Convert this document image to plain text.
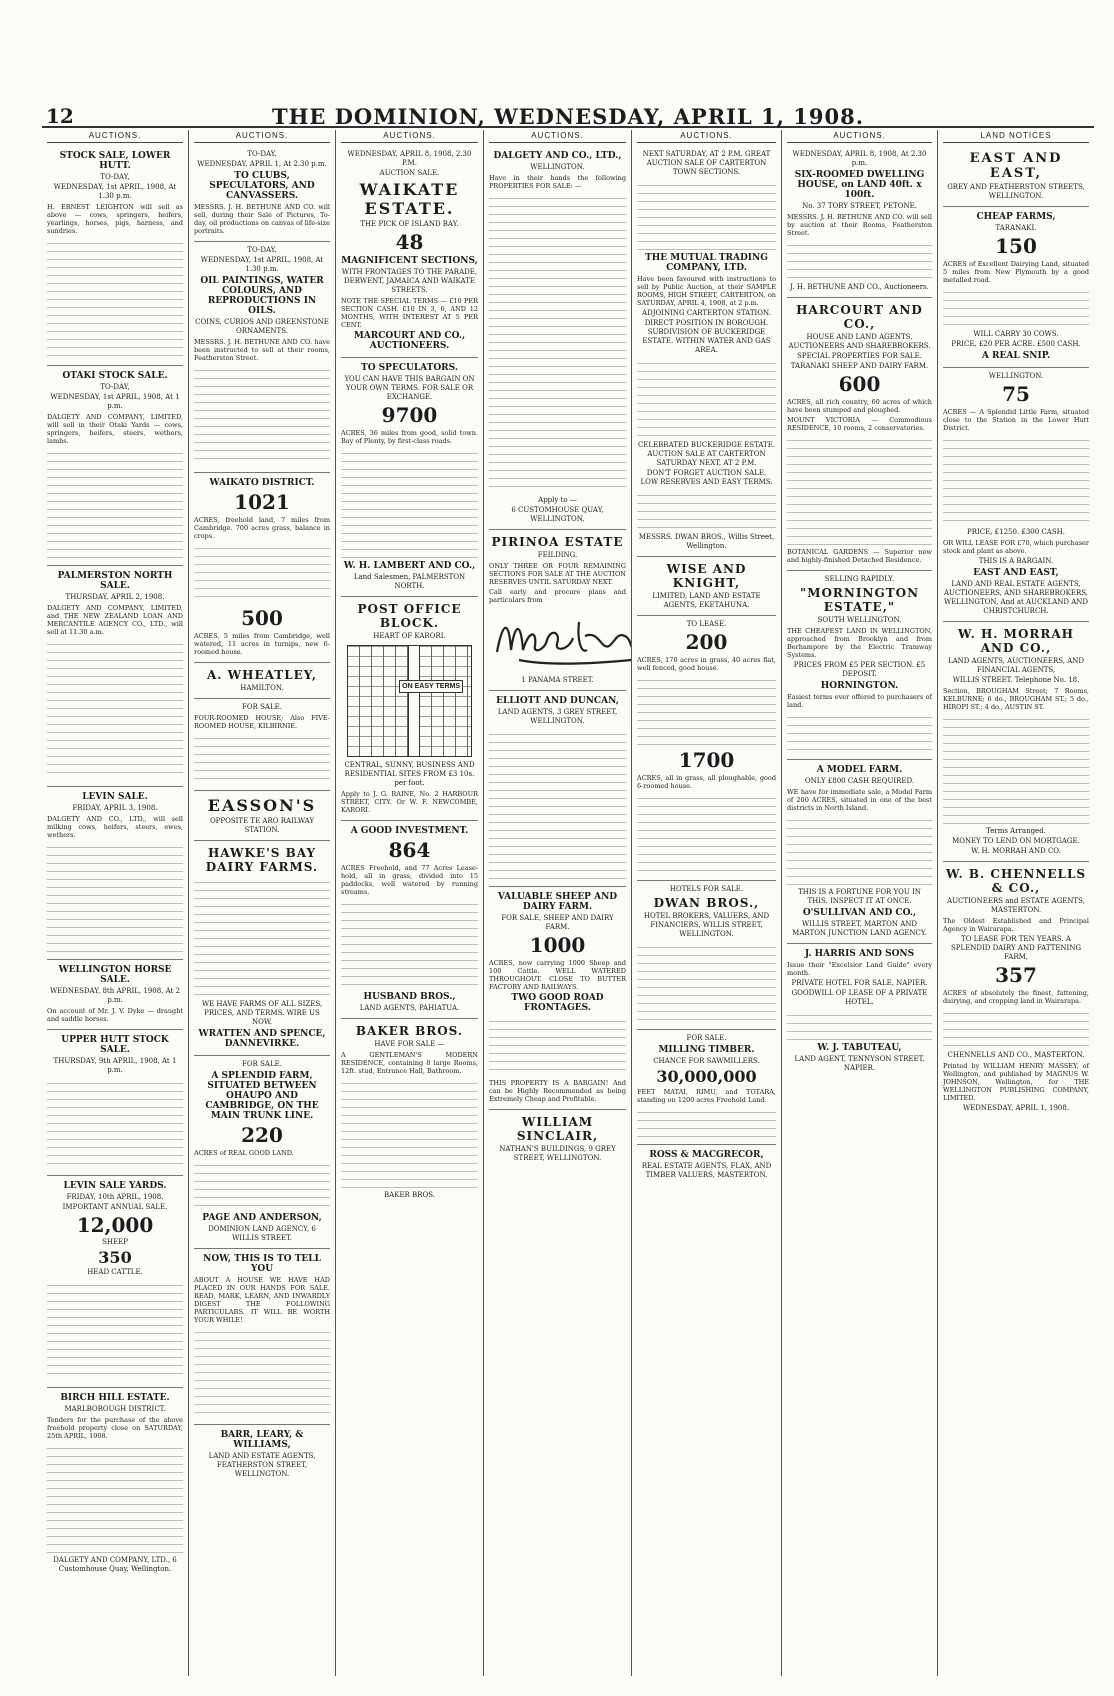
12	THE DOMINION, WEDNESDAY, APRIL 1, 1908.
AUCTIONS.
STOCK SALE, LOWER HUTT.
TO-DAY,
WEDNESDAY, 1st APRIL, 1908, At 1.30 p.m.
H. ERNEST LEIGHTON will sell as above — cows, springers, heifers, yearlings, horses, pigs, harness, and sundries.
OTAKI STOCK SALE.
TO-DAY,
WEDNESDAY, 1st APRIL, 1908, At 1 p.m.
DALGETY AND COMPANY, LIMITED, will sell in their Otaki Yards — cows, springers, heifers, steers, wethers, lambs.
PALMERSTON NORTH SALE.
THURSDAY, APRIL 2, 1908.
DALGETY AND COMPANY, LIMITED, and THE NEW ZEALAND LOAN AND MERCANTILE AGENCY CO., LTD., will sell at 11.30 a.m.
LEVIN SALE.
FRIDAY, APRIL 3, 1908.
DALGETY AND CO., LTD., will sell milking cows, heifers, steers, ewes, wethers.
WELLINGTON HORSE SALE.
WEDNESDAY, 8th APRIL, 1908, At 2 p.m.
On account of Mr. J. V. Dyke — draught and saddle horses.
UPPER HUTT STOCK SALE.
THURSDAY, 9th APRIL, 1908, At 1 p.m.
LEVIN SALE YARDS.
FRIDAY, 10th APRIL, 1908.
IMPORTANT ANNUAL SALE.
12,000
SHEEP
350
HEAD CATTLE.
BIRCH HILL ESTATE.
MARLBOROUGH DISTRICT.
Tenders for the purchase of the above freehold property close on SATURDAY, 25th APRIL, 1908.
DALGETY AND COMPANY, LTD., 6 Customhouse Quay, Wellington.
AUCTIONS.
TO-DAY,
WEDNESDAY, APRIL 1, At 2.30 p.m.
TO CLUBS, SPECULATORS, AND CANVASSERS.
MESSRS. J. H. BETHUNE AND CO. will sell, during their Sale of Pictures, To-day, oil productions on canvas of life-size portraits.
TO-DAY,
WEDNESDAY, 1st APRIL, 1908, At 1.30 p.m.
OIL PAINTINGS, WATER COLOURS, AND REPRODUCTIONS IN OILS.
COINS, CURIOS AND GREENSTONE ORNAMENTS.
MESSRS. J. H. BETHUNE AND CO. have been instructed to sell at their rooms, Featherston Street.
WAIKATO DISTRICT.
1021
ACRES, freehold land, 7 miles from Cambridge. 700 acres grass, balance in crops.
500
ACRES, 5 miles from Cambridge, well watered, 11 acres in turnips, new 6-roomed house.
A. WHEATLEY,
HAMILTON.
FOR SALE.
FOUR-ROOMED HOUSE; Also FIVE-ROOMED HOUSE, KILBIRNIE.
EASSON'S
OPPOSITE TE ARO RAILWAY STATION.
HAWKE'S BAY DAIRY FARMS.
WE HAVE FARMS OF ALL SIZES, PRICES, AND TERMS. WIRE US NOW.
WRATTEN AND SPENCE, DANNEVIRKE.
FOR SALE.
A SPLENDID FARM, SITUATED BETWEEN OHAUPO AND CAMBRIDGE, ON THE MAIN TRUNK LINE.
220
ACRES of REAL GOOD LAND.
PAGE AND ANDERSON,
DOMINION LAND AGENCY, 6 WILLIS STREET.
NOW, THIS IS TO TELL YOU
ABOUT A HOUSE WE HAVE HAD PLACED IN OUR HANDS FOR SALE. READ, MARK, LEARN, AND INWARDLY DIGEST THE FOLLOWING PARTICULARS. IT WILL BE WORTH YOUR WHILE!
BARR, LEARY, & WILLIAMS,
LAND AND ESTATE AGENTS, FEATHERSTON STREET, WELLINGTON.
AUCTIONS.
WEDNESDAY, APRIL 8, 1908, 2.30 P.M.
AUCTION SALE.
WAIKATE ESTATE.
THE PICK OF ISLAND BAY.
48
MAGNIFICENT SECTIONS,
WITH FRONTAGES TO THE PARADE, DERWENT, JAMAICA AND WAIKATE STREETS.
NOTE THE SPECIAL TERMS — £10 PER SECTION CASH. £10 IN 3, 6, AND 12 MONTHS, WITH INTEREST AT 5 PER CENT.
MARCOURT AND CO., AUCTIONEERS.
TO SPECULATORS.
YOU CAN HAVE THIS BARGAIN ON YOUR OWN TERMS. FOR SALE OR EXCHANGE.
9700
ACRES, 36 miles from good, solid town. Bay of Plenty, by first-class roads.
W. H. LAMBERT AND CO.,
Land Salesmen, PALMERSTON NORTH.
POST OFFICE BLOCK.
HEART OF KARORI.
ON EASY TERMS
CENTRAL, SUNNY, BUSINESS AND RESIDENTIAL SITES FROM £3 10s. per foot.
Apply to J. G. RAINE, No. 2 HARBOUR STREET, CITY. Or W. F. NEWCOMBE, KARORI.
A GOOD INVESTMENT.
864
ACRES Freehold, and 77 Acres Lease-hold, all in grass, divided into 15 paddocks, well watered by running streams.
HUSBAND BROS.,
LAND AGENTS, PAHIATUA.
BAKER BROS.
HAVE FOR SALE —
A GENTLEMAN'S MODERN RESIDENCE, containing 8 large Rooms, 12ft. stud, Entrance Hall, Bathroom.
BAKER BROS.
AUCTIONS.
DALGETY AND CO., LTD.,
WELLINGTON.
Have in their hands the following PROPERTIES FOR SALE: —
Apply to —
6 CUSTOMHOUSE QUAY, WELLINGTON.
PIRINOA ESTATE
FEILDING.
ONLY THREE OR FOUR REMAINING SECTIONS FOR SALE AT THE AUCTION RESERVES UNTIL SATURDAY NEXT.
Call early and procure plans and particulars from
1 PANAMA STREET.
ELLIOTT AND DUNCAN,
LAND AGENTS, 3 GREY STREET, WELLINGTON.
VALUABLE SHEEP AND DAIRY FARM.
FOR SALE, SHEEP AND DAIRY FARM.
1000
ACRES, now carrying 1000 Sheep and 100 Cattle. WELL WATERED THROUGHOUT. CLOSE TO BUTTER FACTORY AND RAILWAYS.
TWO GOOD ROAD FRONTAGES.
THIS PROPERTY IS A BARGAIN! And can be Highly Recommended as being Extremely Cheap and Profitable.
WILLIAM SINCLAIR,
NATHAN'S BUILDINGS, 9 GREY STREET, WELLINGTON.
AUCTIONS.
NEXT SATURDAY, AT 2 P.M. GREAT AUCTION SALE OF CARTERTON TOWN SECTIONS.
THE MUTUAL TRADING COMPANY, LTD.
Have been favoured with instructions to sell by Public Auction, at their SAMPLE ROOMS, HIGH STREET, CARTERTON, on SATURDAY, APRIL 4, 1908, at 2 p.m.
ADJOINING CARTERTON STATION.
DIRECT POSITION IN BOROUGH. SUBDIVISION OF BUCKERIDGE ESTATE. WITHIN WATER AND GAS AREA.
CELEBRATED BUCKERIDGE ESTATE. AUCTION SALE AT CARTERTON SATURDAY NEXT, AT 2 P.M.
DON'T FORGET AUCTION SALE. LOW RESERVES AND EASY TERMS.
MESSRS. DWAN BROS., Willis Street, Wellington.
WISE AND KNIGHT,
LIMITED, LAND AND ESTATE AGENTS, EKETAHUNA.
TO LEASE.
200
ACRES, 170 acres in grass, 40 acres flat, well fenced, good house.
1700
ACRES, all in grass, all ploughable, good 6-roomed house.
HOTELS FOR SALE.
DWAN BROS.,
HOTEL BROKERS, VALUERS, AND FINANCIERS, WILLIS STREET, WELLINGTON.
FOR SALE.
MILLING TIMBER.
CHANCE FOR SAWMILLERS.
30,000,000
FEET MATAI, RIMU, and TOTARA, standing on 1200 acres Freehold Land.
ROSS & MACGRECOR,
REAL ESTATE AGENTS, FLAX, AND TIMBER VALUERS, MASTERTON.
AUCTIONS.
WEDNESDAY, APRIL 8, 1908, At 2.30 p.m.
SIX-ROOMED DWELLING HOUSE, on LAND 40ft. x 100ft.
No. 37 TORY STREET, PETONE.
MESSRS. J. H. BETHUNE AND CO. will sell by auction at their Rooms, Featherston Street.
J. H. BETHUNE AND CO., Auctioneers.
HARCOURT AND CO.,
HOUSE AND LAND AGENTS, AUCTIONEERS AND SHAREBROKERS.
SPECIAL PROPERTIES FOR SALE.
TARANAKI SHEEP AND DAIRY FARM.
600
ACRES, all rich country, 60 acres of which have been stumped and ploughed.
MOUNT VICTORIA — Commodious RESIDENCE, 10 rooms, 2 conservatories.
BOTANICAL GARDENS — Superior new and highly-finished Detached Residence.
SELLING RAPIDLY.
"MORNINGTON ESTATE,"
SOUTH WELLINGTON.
THE CHEAPEST LAND IN WELLINGTON, approached from Brooklyn and from Berhampore by the Electric Tramway Systems.
PRICES FROM £5 PER SECTION. £5 DEPOSIT.
HORNINGTON.
Easiest terms ever offered to purchasers of land.
A MODEL FARM.
ONLY £800 CASH REQUIRED.
WE have for immediate sale, a Model Farm of 200 ACRES, situated in one of the best districts in North Island.
THIS IS A FORTUNE FOR YOU IN THIS. INSPECT IT AT ONCE.
O'SULLIVAN AND CO.,
WILLIS STREET, MARTON AND MARTON JUNCTION LAND AGENCY.
J. HARRIS AND SONS
Issue their "Excelsior Land Guide" every month.
PRIVATE HOTEL FOR SALE, NAPIER.
GOODWILL OF LEASE OF A PRIVATE HOTEL.
W. J. TABUTEAU,
LAND AGENT, TENNYSON STREET, NAPIER.
LAND NOTICES
EAST AND EAST,
GREY AND FEATHERSTON STREETS, WELLINGTON.
CHEAP FARMS,
TARANAKI.
150
ACRES of Excellent Dairying Land, situated 5 miles from New Plymouth by a good metalled road.
WILL CARRY 30 COWS.
PRICE, £20 PER ACRE. £500 CASH.
A REAL SNIP.
WELLINGTON.
75
ACRES — A Splendid Little Farm, situated close to the Station in the Lower Hutt District.
PRICE, £1250. £300 CASH.
OR WILL LEASE FOR £70, which purchaser stock and plant as above.
THIS IS A BARGAIN.
EAST AND EAST,
LAND AND REAL ESTATE AGENTS, AUCTIONEERS, AND SHAREBROKERS, WELLINGTON, And at AUCKLAND AND CHRISTCHURCH.
W. H. MORRAH AND CO.,
LAND AGENTS, AUCTIONEERS, AND FINANCIAL AGENTS,
WILLIS STREET. Telephone No. 18.
Section, BROUGHAM Street; 7 Rooms, KELBURNE; 6 do., BROUGHAM ST.; 5 do., HIROPI ST.; 4 do., AUSTIN ST.
Terms Arranged.
MONEY TO LEND ON MORTGAGE.
W. H. MORRAH AND CO.
W. B. CHENNELLS & CO.,
AUCTIONEERS and ESTATE AGENTS, MASTERTON.
The Oldest Established and Principal Agency in Wairarapa.
TO LEASE FOR TEN YEARS. A SPLENDID DAIRY AND FATTENING FARM,
357
ACRES of absolutely the finest, fattening, dairying, and cropping land in Wairarapa.
CHENNELLS AND CO., MASTERTON.
Printed by WILLIAM HENRY MASSEY, of Wellington, and published by MAGNUS W. JOHNSON, Wellington, for THE WELLINGTON PUBLISHING COMPANY, LIMITED.
WEDNESDAY, APRIL 1, 1908.
